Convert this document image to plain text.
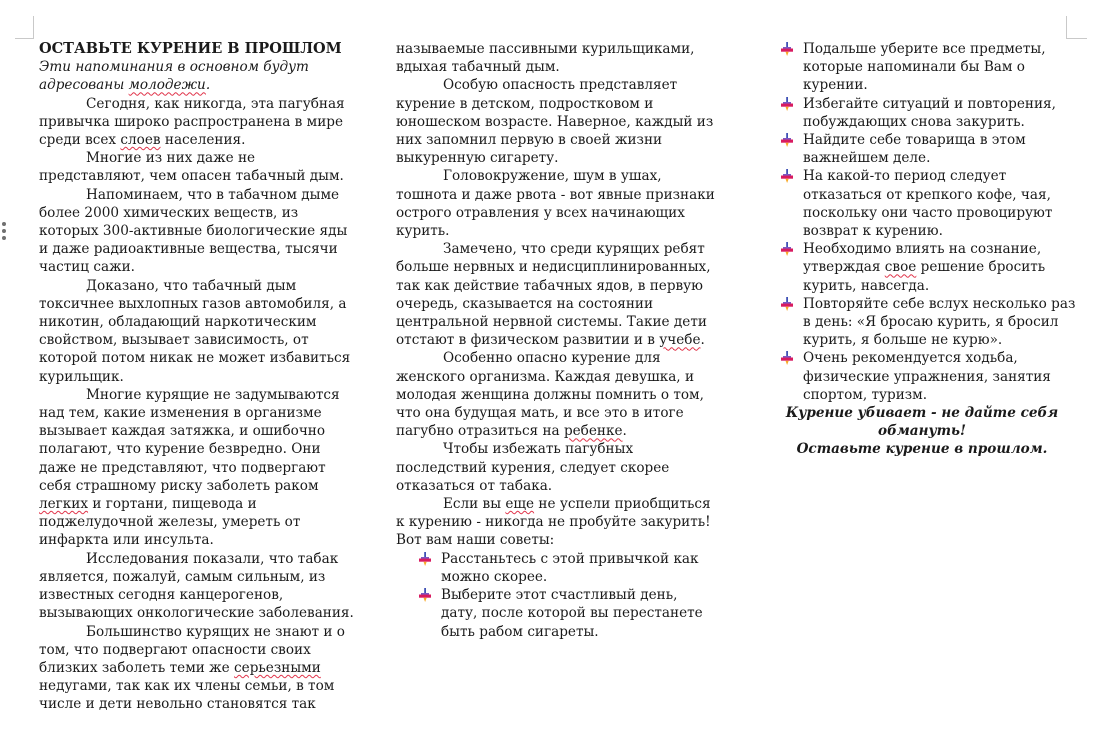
ОСТАВЬТЕ КУРЕНИЕ В ПРОШЛОМ

Эти напоминания в основном будут адресованы молодежи.

Сегодня, как никогда, эта пагубная привычка широко распространена в мире среди всех слоев населения.

Многие из них даже не представляют, чем опасен табачный дым.

Напоминаем, что в табачном дыме более 2000 химических веществ, из которых 300-активные биологические яды и даже радиоактивные вещества, тысячи частиц сажи.

Доказано, что табачный дым токсичнее выхлопных газов автомобиля, а никотин, обладающий наркотическим свойством, вызывает зависимость, от которой потом никак не может избавиться курильщик.

Многие курящие не задумываются над тем, какие изменения в организме вызывает каждая затяжка, и ошибочно полагают, что курение безвредно. Они даже не представляют, что подвергают себя страшному риску заболеть раком легких и гортани, пищевода и поджелудочной железы, умереть от инфаркта или инсульта.

Исследования показали, что табак является, пожалуй, самым сильным, из известных сегодня канцерогенов, вызывающих онкологические заболевания.

Большинство курящих не знают и о том, что подвергают опасности своих близких заболеть теми же серьезными недугами, так как их члены семьи, в том числе и дети невольно становятся так

называемые пассивными курильщиками, вдыхая табачный дым.

Особую опасность представляет курение в детском, подростковом и юношеском возрасте. Наверное, каждый из них запомнил первую в своей жизни выкуренную сигарету.

Головокружение, шум в ушах, тошнота и даже рвота - вот явные признаки острого отравления у всех начинающих курить.

Замечено, что среди курящих ребят больше нервных и недисциплинированных, так как действие табачных ядов, в первую очередь, сказывается на состоянии центральной нервной системы. Такие дети отстают в физическом развитии и в учебе.

Особенно опасно курение для женского организма. Каждая девушка, и молодая женщина должны помнить о том, что она будущая мать, и все это в итоге пагубно отразиться на ребенке.

Чтобы избежать пагубных последствий курения, следует скорее отказаться от табака.

Если вы еще не успели приобщиться к курению - никогда не пробуйте закурить!

Вот вам наши советы:

Расстаньтесь с этой привычкой как можно скорее.
Выберите этот счастливый день, дату, после которой вы перестанете быть рабом сигареты.
Подальше уберите все предметы, которые напоминали бы Вам о курении.
Избегайте ситуаций и повторения, побуждающих снова закурить.
Найдите себе товарища в этом важнейшем деле.
На какой-то период следует отказаться от крепкого кофе, чая, поскольку они часто провоцируют возврат к курению.
Необходимо влиять на сознание, утверждая свое решение бросить курить, навсегда.
Повторяйте себе вслух несколько раз в день: «Я бросаю курить, я бросил курить, я больше не курю».
Очень рекомендуется ходьба, физические упражнения, занятия спортом, туризм.

Курение убивает - не дайте себя обмануть!

Оставьте курение в прошлом.
